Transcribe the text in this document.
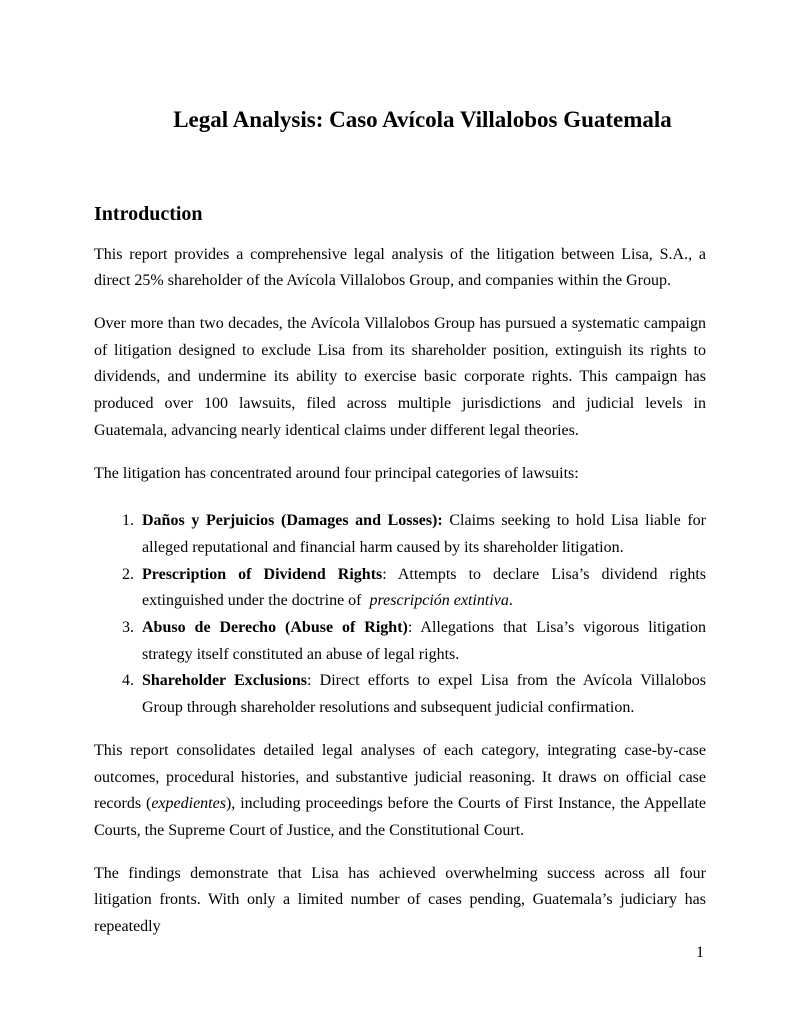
Legal Analysis: Caso Avícola Villalobos Guatemala
Introduction

This report provides a comprehensive legal analysis of the litigation between Lisa, S.A., a direct 25% shareholder of the Avícola Villalobos Group, and companies within the Group.

Over more than two decades, the Avícola Villalobos Group has pursued a systematic campaign of litigation designed to exclude Lisa from its shareholder position, extinguish its rights to dividends, and undermine its ability to exercise basic corporate rights. This campaign has produced over 100 lawsuits, filed across multiple jurisdictions and judicial levels in Guatemala, advancing nearly identical claims under different legal theories.

The litigation has concentrated around four principal categories of lawsuits:

1. Daños y Perjuicios (Damages and Losses): Claims seeking to hold Lisa liable for alleged reputational and financial harm caused by its shareholder litigation.
2. Prescription of Dividend Rights: Attempts to declare Lisa’s dividend rights extinguished under the doctrine of  prescripción extintiva.
3. Abuso de Derecho (Abuse of Right): Allegations that Lisa’s vigorous litigation strategy itself constituted an abuse of legal rights.
4. Shareholder Exclusions: Direct efforts to expel Lisa from the Avícola Villalobos Group through shareholder resolutions and subsequent judicial confirmation.

This report consolidates detailed legal analyses of each category, integrating case-by-case outcomes, procedural histories, and substantive judicial reasoning. It draws on official case records (expedientes), including proceedings before the Courts of First Instance, the Appellate Courts, the Supreme Court of Justice, and the Constitutional Court.

The findings demonstrate that Lisa has achieved overwhelming success across all four litigation fronts. With only a limited number of cases pending, Guatemala’s judiciary has repeatedly

1
